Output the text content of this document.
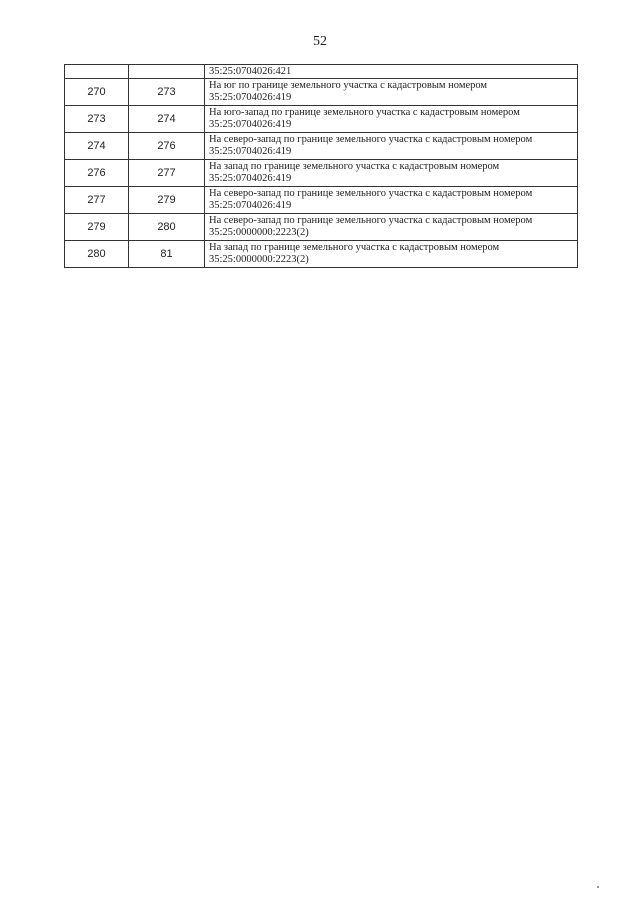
52

		35:25:0704026:421

270	273	На юг по границе земельного участка с кадастровым номером
35:25:0704026:419

273	274	На юго-запад по границе земельного участка с кадастровым номером
35:25:0704026:419

274	276	На северо-запад по границе земельного участка с кадастровым номером
35:25:0704026:419

276	277	На запад по границе земельного участка с кадастровым номером
35:25:0704026:419

277	279	На северо-запад по границе земельного участка с кадастровым номером
35:25:0704026:419

279	280	На северо-запад по границе земельного участка с кадастровым номером
35:25:0000000:2223(2)

280	81	На запад по границе земельного участка с кадастровым номером
35:25:0000000:2223(2)
